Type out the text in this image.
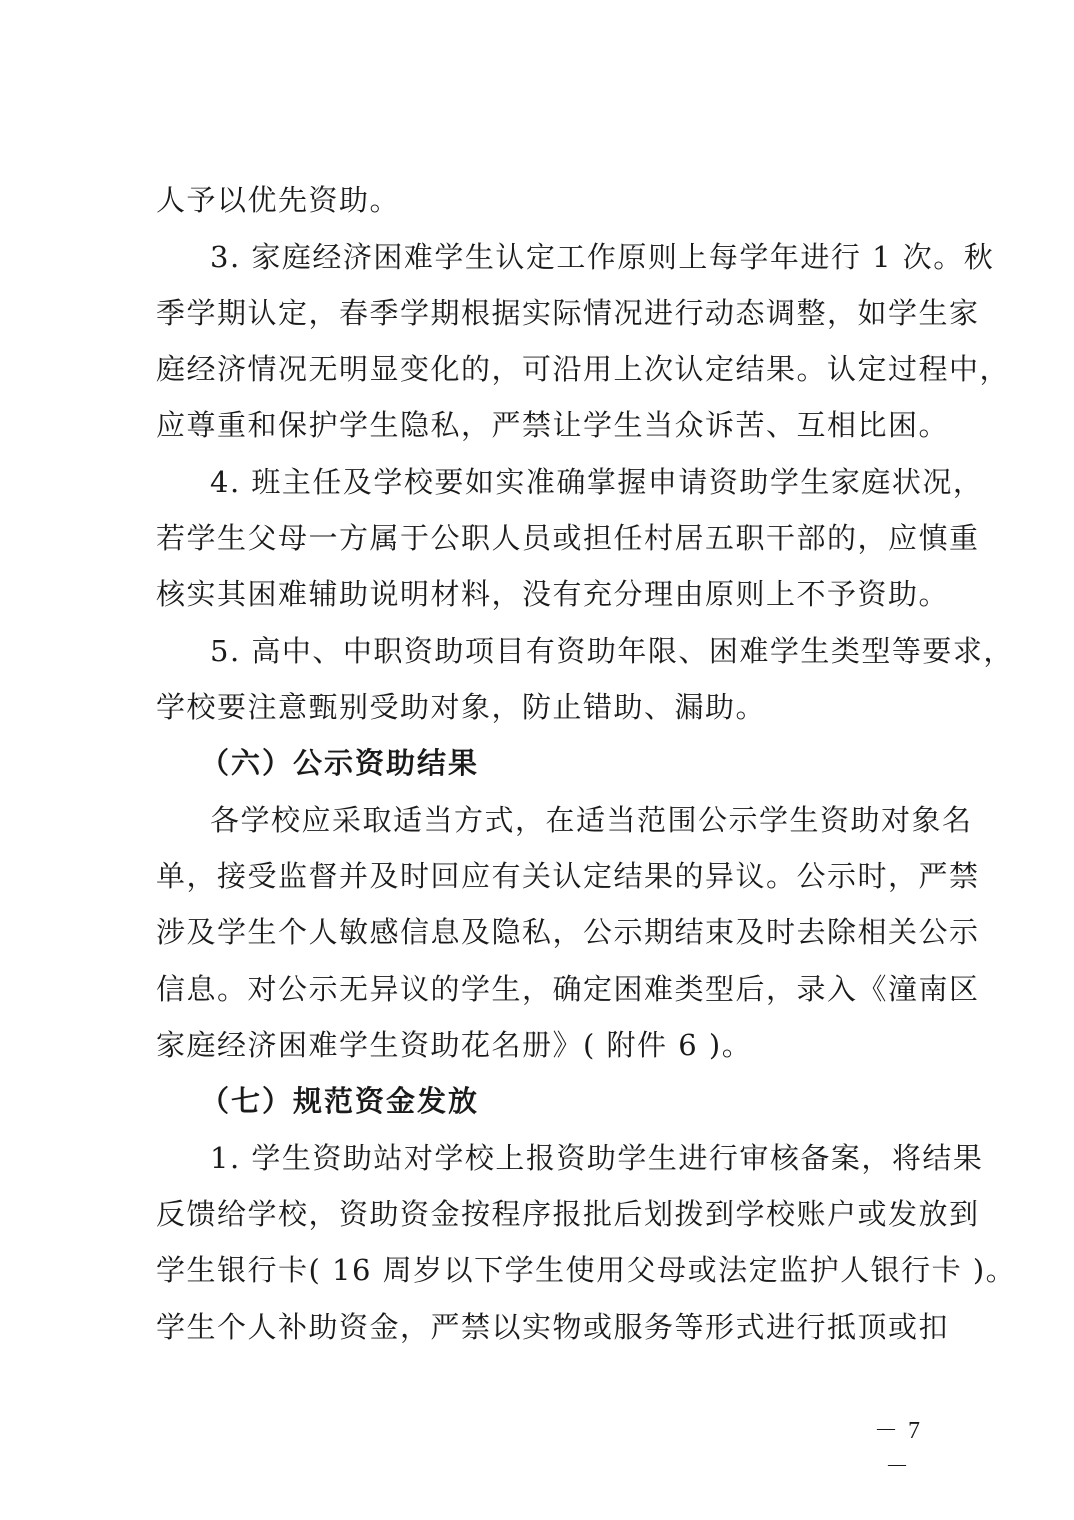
人予以优先资助。
3. 家庭经济困难学生认定工作原则上每学年进行 1 次。秋
季学期认定，春季学期根据实际情况进行动态调整，如学生家
庭经济情况无明显变化的，可沿用上次认定结果。认定过程中，
应尊重和保护学生隐私，严禁让学生当众诉苦、互相比困。
4. 班主任及学校要如实准确掌握申请资助学生家庭状况，
若学生父母一方属于公职人员或担任村居五职干部的，应慎重
核实其困难辅助说明材料，没有充分理由原则上不予资助。
5. 高中、中职资助项目有资助年限、困难学生类型等要求，
学校要注意甄别受助对象，防止错助、漏助。
（六）公示资助结果
各学校应采取适当方式，在适当范围公示学生资助对象名
单，接受监督并及时回应有关认定结果的异议。公示时，严禁
涉及学生个人敏感信息及隐私，公示期结束及时去除相关公示
信息。对公示无异议的学生，确定困难类型后，录入《潼南区
家庭经济困难学生资助花名册》( 附件 6 )。
（七）规范资金发放
1. 学生资助站对学校上报资助学生进行审核备案，将结果
反馈给学校，资助资金按程序报批后划拨到学校账户或发放到
学生银行卡( 16 周岁以下学生使用父母或法定监护人银行卡 )。
学生个人补助资金，严禁以实物或服务等形式进行抵顶或扣
－ 7 －
